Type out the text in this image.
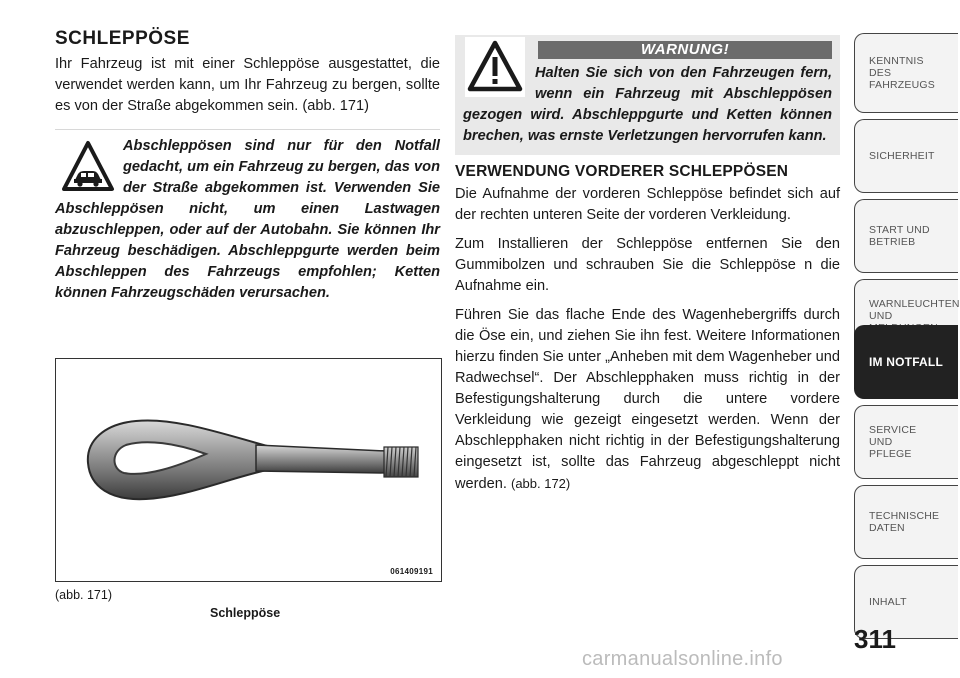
SCHLEPPÖSE

Ihr Fahrzeug ist mit einer Schleppöse ausgestattet, die verwendet werden kann, um Ihr Fahrzeug zu bergen, sollte es von der Straße abgekommen sein. (abb. 171)

Abschleppösen sind nur für den Notfall gedacht, um ein Fahrzeug zu bergen, das von der Straße abgekommen ist. Verwenden Sie Abschleppösen nicht, um einen Lastwagen abzuschleppen, oder auf der Autobahn. Sie können Ihr Fahrzeug beschädigen. Abschleppgurte werden beim Abschleppen des Fahrzeugs empfohlen; Ketten können Fahrzeugschäden verursachen.

061409191
(abb. 171)
Schleppöse
WARNUNG!

Halten Sie sich von den Fahrzeugen fern, wenn ein Fahrzeug mit Abschleppösen gezogen wird. Abschleppgurte und Ketten können brechen, was ernste Verletzungen hervorrufen kann.

VERWENDUNG VORDERER SCHLEPPÖSEN

Die Aufnahme der vorderen Schleppöse befindet sich auf der rechten unteren Seite der vorderen Verkleidung.

Zum Installieren der Schleppöse entfernen Sie den Gummibolzen und schrauben Sie die Schleppöse n die Aufnahme ein.

Führen Sie das flache Ende des Wagenhebergriffs durch die Öse ein, und ziehen Sie ihn fest. Weitere Informationen hierzu finden Sie unter „Anheben mit dem Wagenheber und Radwechsel“. Der Abschlepphaken muss richtig in der Befestigungshalterung durch die untere vordere Verkleidung wie gezeigt eingesetzt werden. Wenn der Abschlepphaken nicht richtig in der Befestigungshalterung eingesetzt ist, sollte das Fahrzeug abgeschleppt nicht werden. (abb. 172)

KENNTNIS
DES
FAHRZEUGS
SICHERHEIT
START UND
BETRIEB
WARNLEUCHTEN
UND

IM NOTFALL
SERVICE
UND
PFLEGE
TECHNISCHE
DATEN
INHALT
311
carmanualsonline.info
